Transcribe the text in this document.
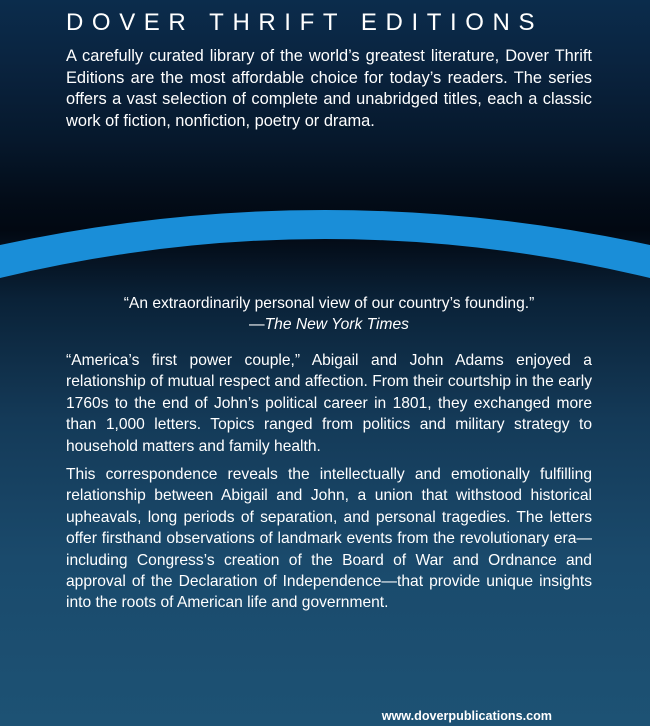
DOVER THRIFT EDITIONS
A carefully curated library of the world’s greatest literature, Dover Thrift Editions are the most affordable choice for today’s readers. The series offers a vast selection of complete and unabridged titles, each a classic work of fiction, nonfiction, poetry or drama.
“An extraordinarily personal view of our country’s founding.”
—The New York Times

“America’s first power couple,” Abigail and John Adams enjoyed a relationship of mutual respect and affection. From their courtship in the early 1760s to the end of John’s political career in 1801, they exchanged more than 1,000 letters. Topics ranged from politics and military strategy to household matters and family health.

This correspondence reveals the intellectually and emotionally fulfilling relationship between Abigail and John, a union that withstood historical upheavals, long periods of separation, and personal tragedies. The letters offer firsthand observations of landmark events from the revolutionary era—including Congress’s creation of the Board of War and Ordnance and approval of the Declaration of Independence—that provide unique insights into the roots of American life and government.

www.doverpublications.com
